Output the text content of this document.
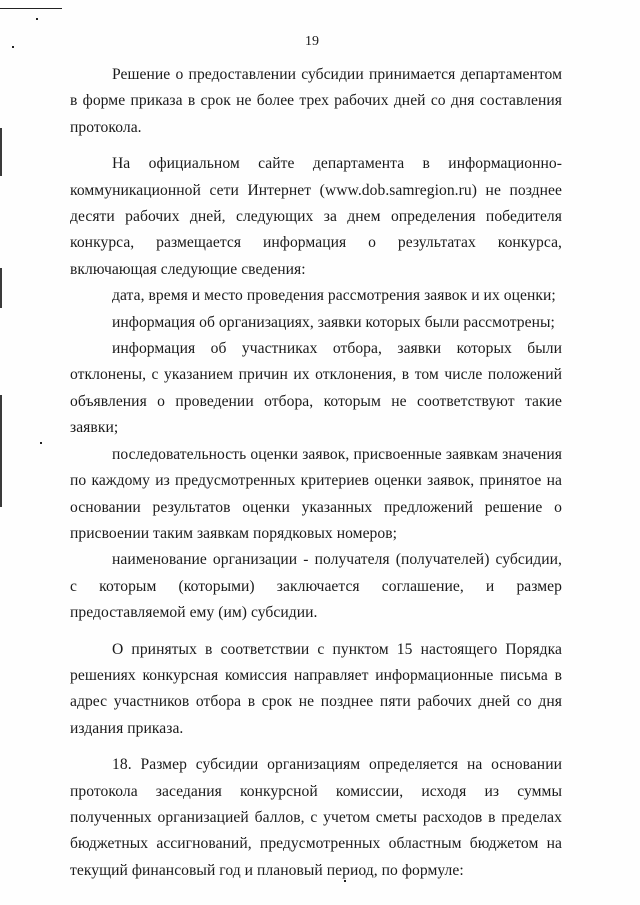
19

Решение о предоставлении субсидии принимается департаментом в форме приказа в срок не более трех рабочих дней со дня составления протокола.

На официальном сайте департамента в информационно-коммуникационной сети Интернет (www.dob.samregion.ru) не позднее десяти рабочих дней, следующих за днем определения победителя конкурса, размещается информация о результатах конкурса, включающая следующие сведения:

дата, время и место проведения рассмотрения заявок и их оценки;

информация об организациях, заявки которых были рассмотрены;

информация об участниках отбора, заявки которых были отклонены, с указанием причин их отклонения, в том числе положений объявления о проведении отбора, которым не соответствуют такие заявки;

последовательность оценки заявок, присвоенные заявкам значения по каждому из предусмотренных критериев оценки заявок, принятое на основании результатов оценки указанных предложений решение о присвоении таким заявкам порядковых номеров;

наименование организации - получателя (получателей) субсидии, с которым (которыми) заключается соглашение, и размер предоставляемой ему (им) субсидии.

О принятых в соответствии с пунктом 15 настоящего Порядка решениях конкурсная комиссия направляет информационные письма в адрес участников отбора в срок не позднее пяти рабочих дней со дня издания приказа.

18. Размер субсидии организациям определяется на основании протокола заседания конкурсной комиссии, исходя из суммы полученных организацией баллов, с учетом сметы расходов в пределах бюджетных ассигнований, предусмотренных областным бюджетом на текущий финансовый год и плановый период, по формуле:
